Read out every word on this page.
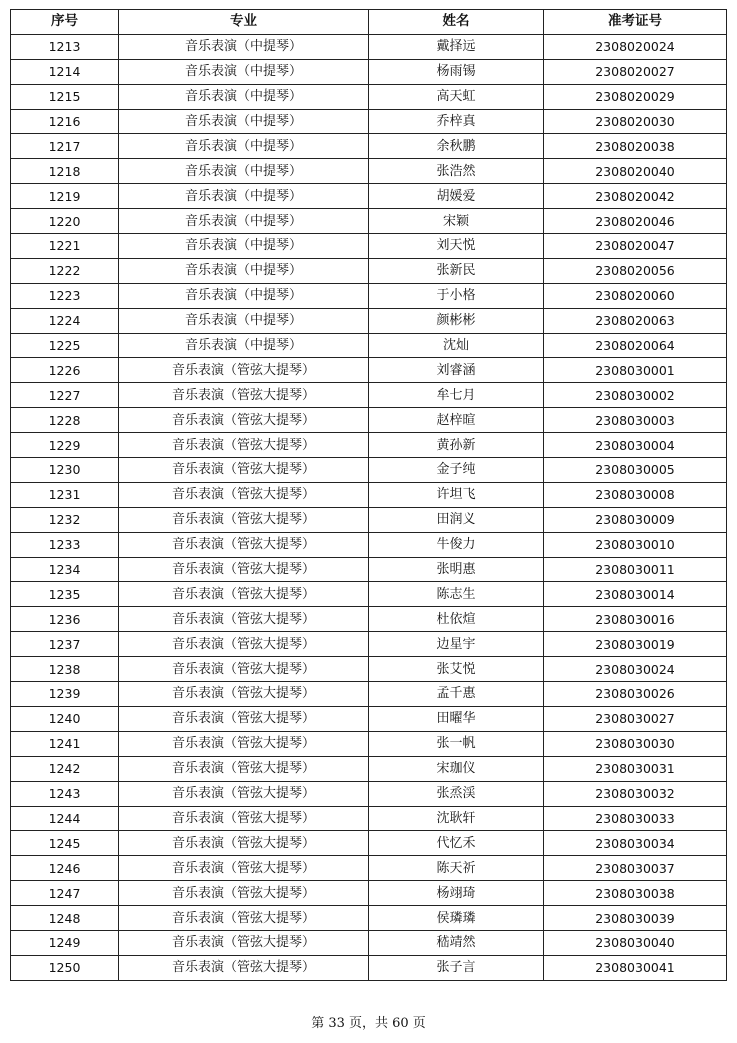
序号	专业	姓名	准考证号
1213	音乐表演（中提琴）	戴择远	2308020024
1214	音乐表演（中提琴）	杨雨锡	2308020027
1215	音乐表演（中提琴）	高天虹	2308020029
1216	音乐表演（中提琴）	乔梓真	2308020030
1217	音乐表演（中提琴）	余秋鹏	2308020038
1218	音乐表演（中提琴）	张浩然	2308020040
1219	音乐表演（中提琴）	胡媛爱	2308020042
1220	音乐表演（中提琴）	宋颖	2308020046
1221	音乐表演（中提琴）	刘天悦	2308020047
1222	音乐表演（中提琴）	张新民	2308020056
1223	音乐表演（中提琴）	于小格	2308020060
1224	音乐表演（中提琴）	颜彬彬	2308020063
1225	音乐表演（中提琴）	沈灿	2308020064
1226	音乐表演（管弦大提琴）	刘睿涵	2308030001
1227	音乐表演（管弦大提琴）	牟七月	2308030002
1228	音乐表演（管弦大提琴）	赵梓暄	2308030003
1229	音乐表演（管弦大提琴）	黄孙新	2308030004
1230	音乐表演（管弦大提琴）	金子纯	2308030005
1231	音乐表演（管弦大提琴）	许坦飞	2308030008
1232	音乐表演（管弦大提琴）	田润义	2308030009
1233	音乐表演（管弦大提琴）	牛俊力	2308030010
1234	音乐表演（管弦大提琴）	张明惠	2308030011
1235	音乐表演（管弦大提琴）	陈志生	2308030014
1236	音乐表演（管弦大提琴）	杜依煊	2308030016
1237	音乐表演（管弦大提琴）	边星宇	2308030019
1238	音乐表演（管弦大提琴）	张艾悦	2308030024
1239	音乐表演（管弦大提琴）	孟千惠	2308030026
1240	音乐表演（管弦大提琴）	田曜华	2308030027
1241	音乐表演（管弦大提琴）	张一帆	2308030030
1242	音乐表演（管弦大提琴）	宋珈仪	2308030031
1243	音乐表演（管弦大提琴）	张烝渓	2308030032
1244	音乐表演（管弦大提琴）	沈耿轩	2308030033
1245	音乐表演（管弦大提琴）	代忆禾	2308030034
1246	音乐表演（管弦大提琴）	陈天祈	2308030037
1247	音乐表演（管弦大提琴）	杨翊琦	2308030038
1248	音乐表演（管弦大提琴）	侯璘璘	2308030039
1249	音乐表演（管弦大提琴）	嵇靖然	2308030040
1250	音乐表演（管弦大提琴）	张子言	2308030041
第 33 页，共 60 页
